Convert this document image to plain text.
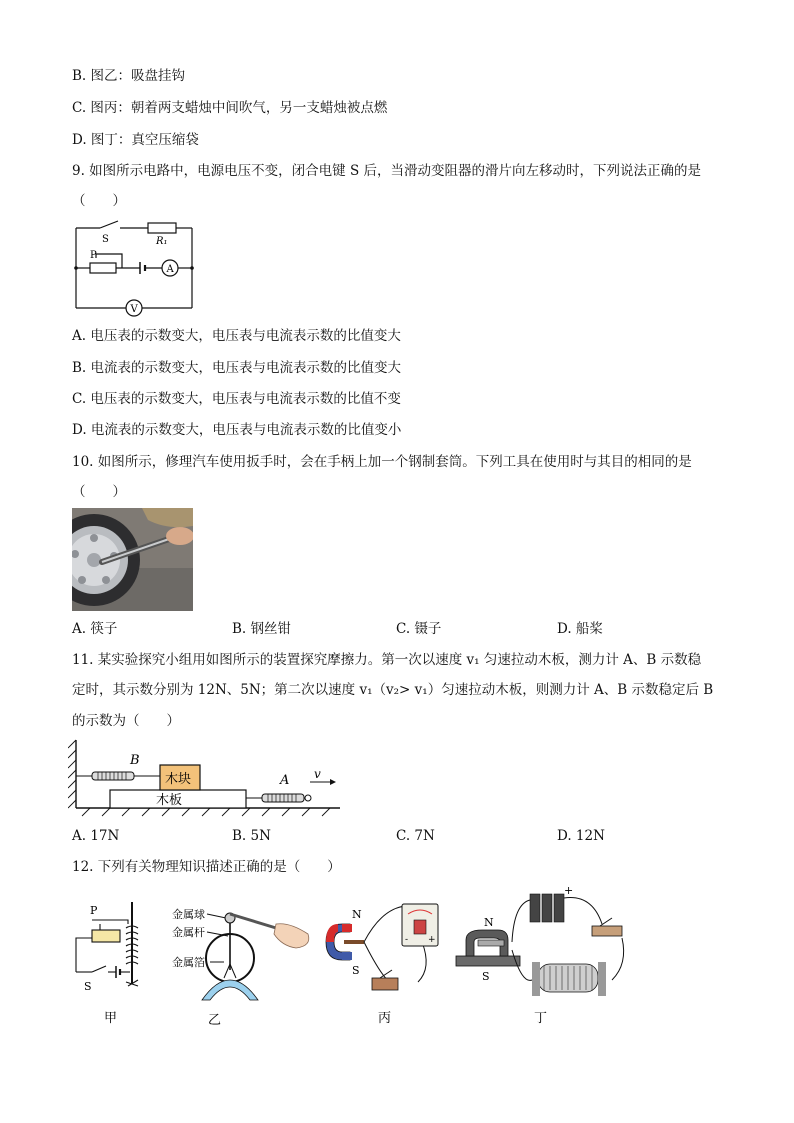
B. 图乙：吸盘挂钩
C. 图丙：朝着两支蜡烛中间吹气，另一支蜡烛被点燃
D. 图丁：真空压缩袋
9. 如图所示电路中，电源电压不变，闭合电键 S 后，当滑动变阻器的滑片向左移动时，下列说法正确的是
（　　）
S	R₁
P
A
V
A. 电压表的示数变大，电压表与电流表示数的比值变大
B. 电流表的示数变大，电压表与电流表示数的比值变大
C. 电压表的示数变大，电压表与电流表示数的比值不变
D. 电流表的示数变大，电压表与电流表示数的比值变小
10. 如图所示，修理汽车使用扳手时，会在手柄上加一个钢制套筒。下列工具在使用时与其目的相同的是
（　　）
A. 筷子	B. 钢丝钳	C. 镊子	D. 船桨
11. 某实验探究小组用如图所示的装置探究摩擦力。第一次以速度 v₁ 匀速拉动木板，测力计 A、B 示数稳
定时，其示数分别为 12N、5N；第二次以速度 v₁（v₂> v₁）匀速拉动木板，则测力计 A、B 示数稳定后 B
的示数为（　　）
B
A v
木块
木板
A. 17N	B. 5N	C. 7N	D. 12N
12. 下列有关物理知识描述正确的是（　　）
P
S
甲
金属球
金属杆
金属箔
乙
- +
N
S
丙
+
N
S
丁
